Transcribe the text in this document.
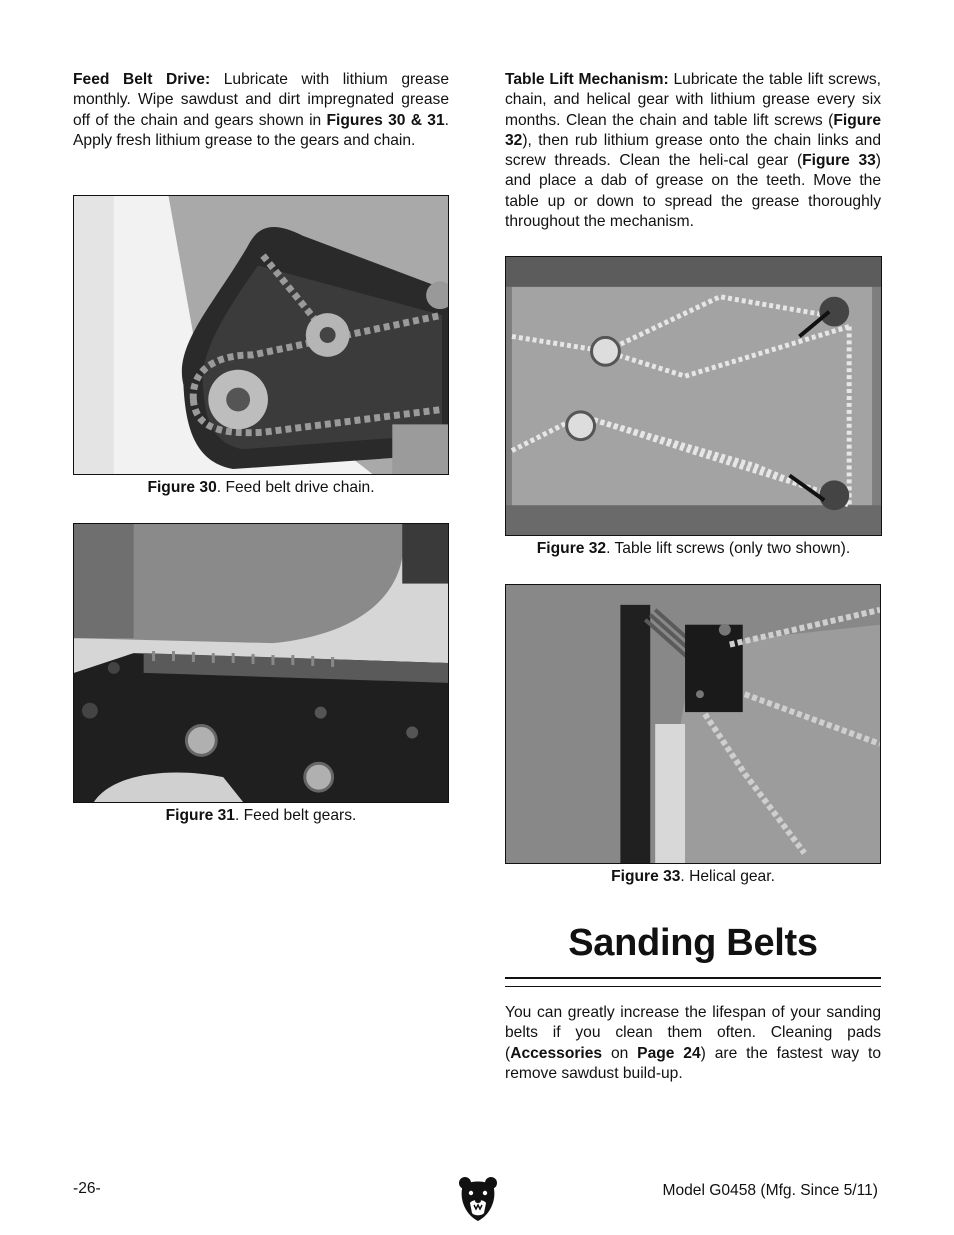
Feed Belt Drive: Lubricate with lithium grease monthly. Wipe sawdust and dirt impregnated grease off of the chain and gears shown in Figures 30 & 31. Apply fresh lithium grease to the gears and chain.

Figure 30. Feed belt drive chain.

Figure 31. Feed belt gears.

Table Lift Mechanism: Lubricate the table lift screws, chain, and helical gear with lithium grease every six months. Clean the chain and table lift screws (Figure 32), then rub lithium grease onto the chain links and screw threads. Clean the heli-cal gear (Figure 33) and place a dab of grease on the teeth. Move the table up or down to spread the grease thoroughly throughout the mechanism.

Figure 32. Table lift screws (only two shown).

Figure 33. Helical gear.

Sanding Belts

You can greatly increase the lifespan of your sanding belts if you clean them often. Cleaning pads (Accessories on Page 24) are the fastest way to remove sawdust build-up.

-26-	Model G0458 (Mfg. Since 5/11)
